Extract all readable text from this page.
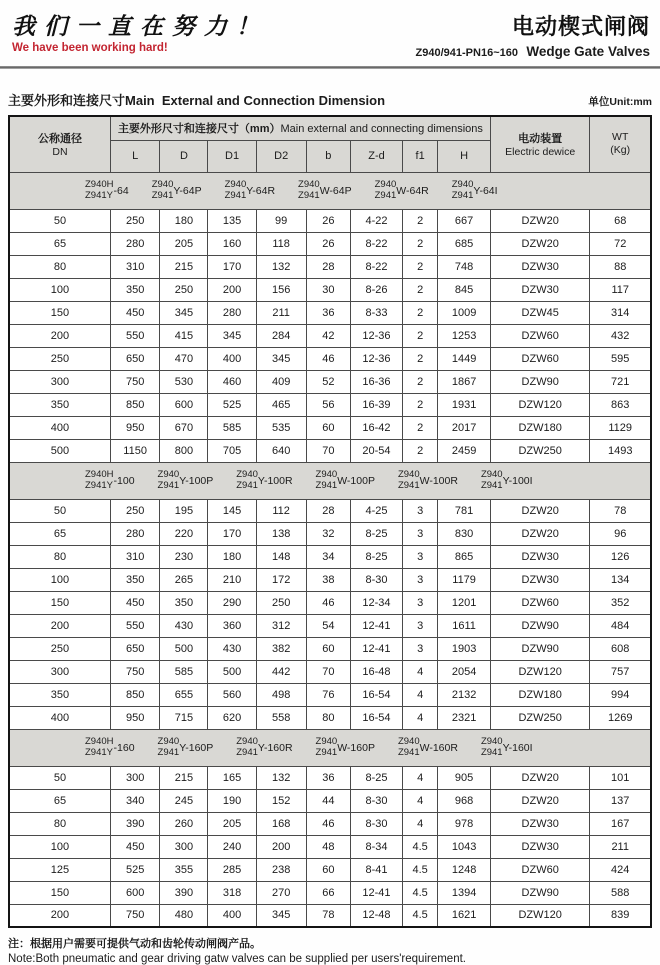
我们一直在努力！
We have been working hard!
电动楔式闸阀
Z940/941-PN16~160 Wedge Gate Valves
主要外形和连接尺寸Main  External and Connection Dimension	单位Unit:mm
公称通径
DN	主要外形尺寸和连接尺寸（mm）Main external and connecting dimensions								电动装置
Electric dewice	WT
(Kg)

	L	D	D1	D2	b	Z-d	f1	H		

Z940H
Z941Y -64
Z940
Z941 Y-64P
Z940
Z941 Y-64R
Z940
Z941 W-64P
Z940
Z941 W-64R
Z940
Z941 Y-64I

50	250	180	135	99	26	4-22	2	667	DZW20	68
65	280	205	160	118	26	8-22	2	685	DZW20	72
80	310	215	170	132	28	8-22	2	748	DZW30	88
100	350	250	200	156	30	8-26	2	845	DZW30	117
150	450	345	280	211	36	8-33	2	1009	DZW45	314
200	550	415	345	284	42	12-36	2	1253	DZW60	432
250	650	470	400	345	46	12-36	2	1449	DZW60	595
300	750	530	460	409	52	16-36	2	1867	DZW90	721
350	850	600	525	465	56	16-39	2	1931	DZW120	863
400	950	670	585	535	60	16-42	2	2017	DZW180	1129
500	1150	800	705	640	70	20-54	2	2459	DZW250	1493

Z940H
Z941Y -100
Z940
Z941 Y-100P
Z940
Z941 Y-100R
Z940
Z941 W-100P
Z940
Z941 W-100R
Z940
Z941 Y-100I

50	250	195	145	112	28	4-25	3	781	DZW20	78
65	280	220	170	138	32	8-25	3	830	DZW20	96
80	310	230	180	148	34	8-25	3	865	DZW30	126
100	350	265	210	172	38	8-30	3	1179	DZW30	134
150	450	350	290	250	46	12-34	3	1201	DZW60	352
200	550	430	360	312	54	12-41	3	1611	DZW90	484
250	650	500	430	382	60	12-41	3	1903	DZW90	608
300	750	585	500	442	70	16-48	4	2054	DZW120	757
350	850	655	560	498	76	16-54	4	2132	DZW180	994
400	950	715	620	558	80	16-54	4	2321	DZW250	1269

Z940H
Z941Y -160
Z940
Z941 Y-160P
Z940
Z941 Y-160R
Z940
Z941 W-160P
Z940
Z941 W-160R
Z940
Z941 Y-160I

50	300	215	165	132	36	8-25	4	905	DZW20	101
65	340	245	190	152	44	8-30	4	968	DZW20	137
80	390	260	205	168	46	8-30	4	978	DZW30	167
100	450	300	240	200	48	8-34	4.5	1043	DZW30	211
125	525	355	285	238	60	8-41	4.5	1248	DZW60	424
150	600	390	318	270	66	12-41	4.5	1394	DZW90	588
200	750	480	400	345	78	12-48	4.5	1621	DZW120	839
注：根据用户需要可提供气动和齿轮传动闸阀产品。
Note:Both pneumatic and gear driving gatw valves can be supplied per users'requirement.
